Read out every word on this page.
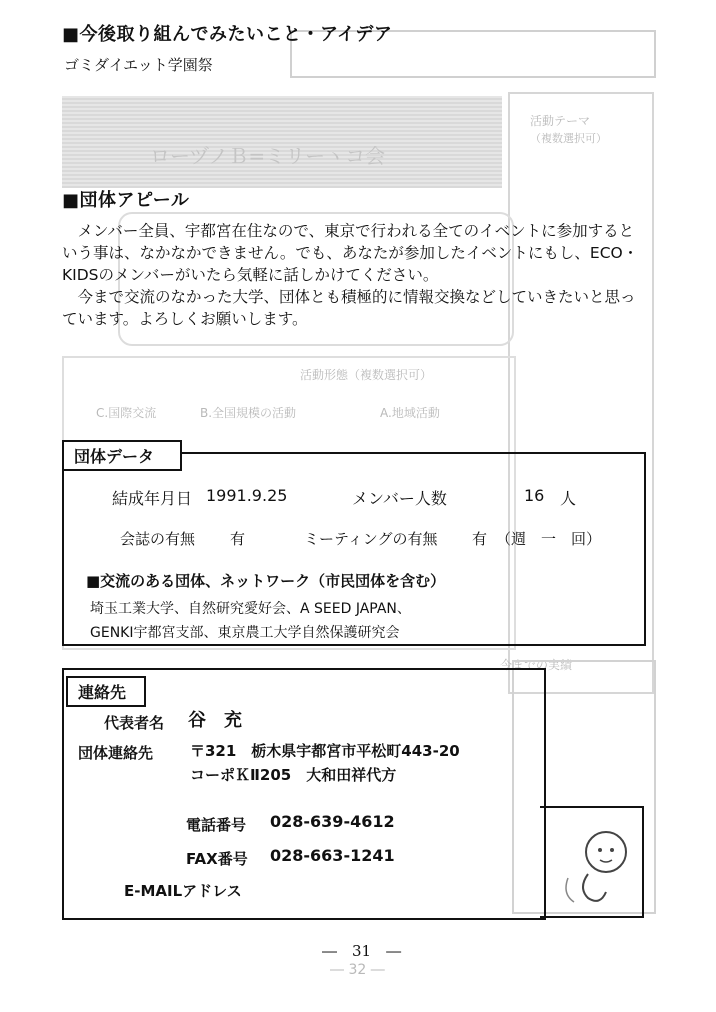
ローヅノＢ=ミリーヽコ会
活動テーマ
（複数選択可）
活動形態（複数選択可）
A.地域活動
B.全国規模の活動
C.国際交流
今までの実績
― 32 ―
■今後取り組んでみたいこと・アイデア
ゴミダイエット学園祭
■団体アピール
　メンバー全員、宇都宮在住なので、東京で行われる全てのイベントに参加すると
いう事は、なかなかできません。でも、あなたが参加したイベントにもし、ECO・
KIDSのメンバーがいたら気軽に話しかけてください。
　今まで交流のなかった大学、団体とも積極的に情報交換などしていきたいと思っ
ています。よろしくお願いします。
団体データ
結成年月日 1991.9.25	メンバー人数	16 人
会誌の有無 有	ミーティングの有無 有 （週　一　回）
■交流のある団体、ネットワーク（市民団体を含む）
埼玉工業大学、自然研究愛好会、A SEED JAPAN、
GENKI宇都宮支部、東京農工大学自然保護研究会
連絡先
代表者名 谷　充
団体連絡先 〒321　栃木県宇都宮市平松町443-20
コーポＫⅡ205　大和田祥代方
電話番号 028-639-4612
FAX番号 028-663-1241
E-MAILアドレス
―　31　―
